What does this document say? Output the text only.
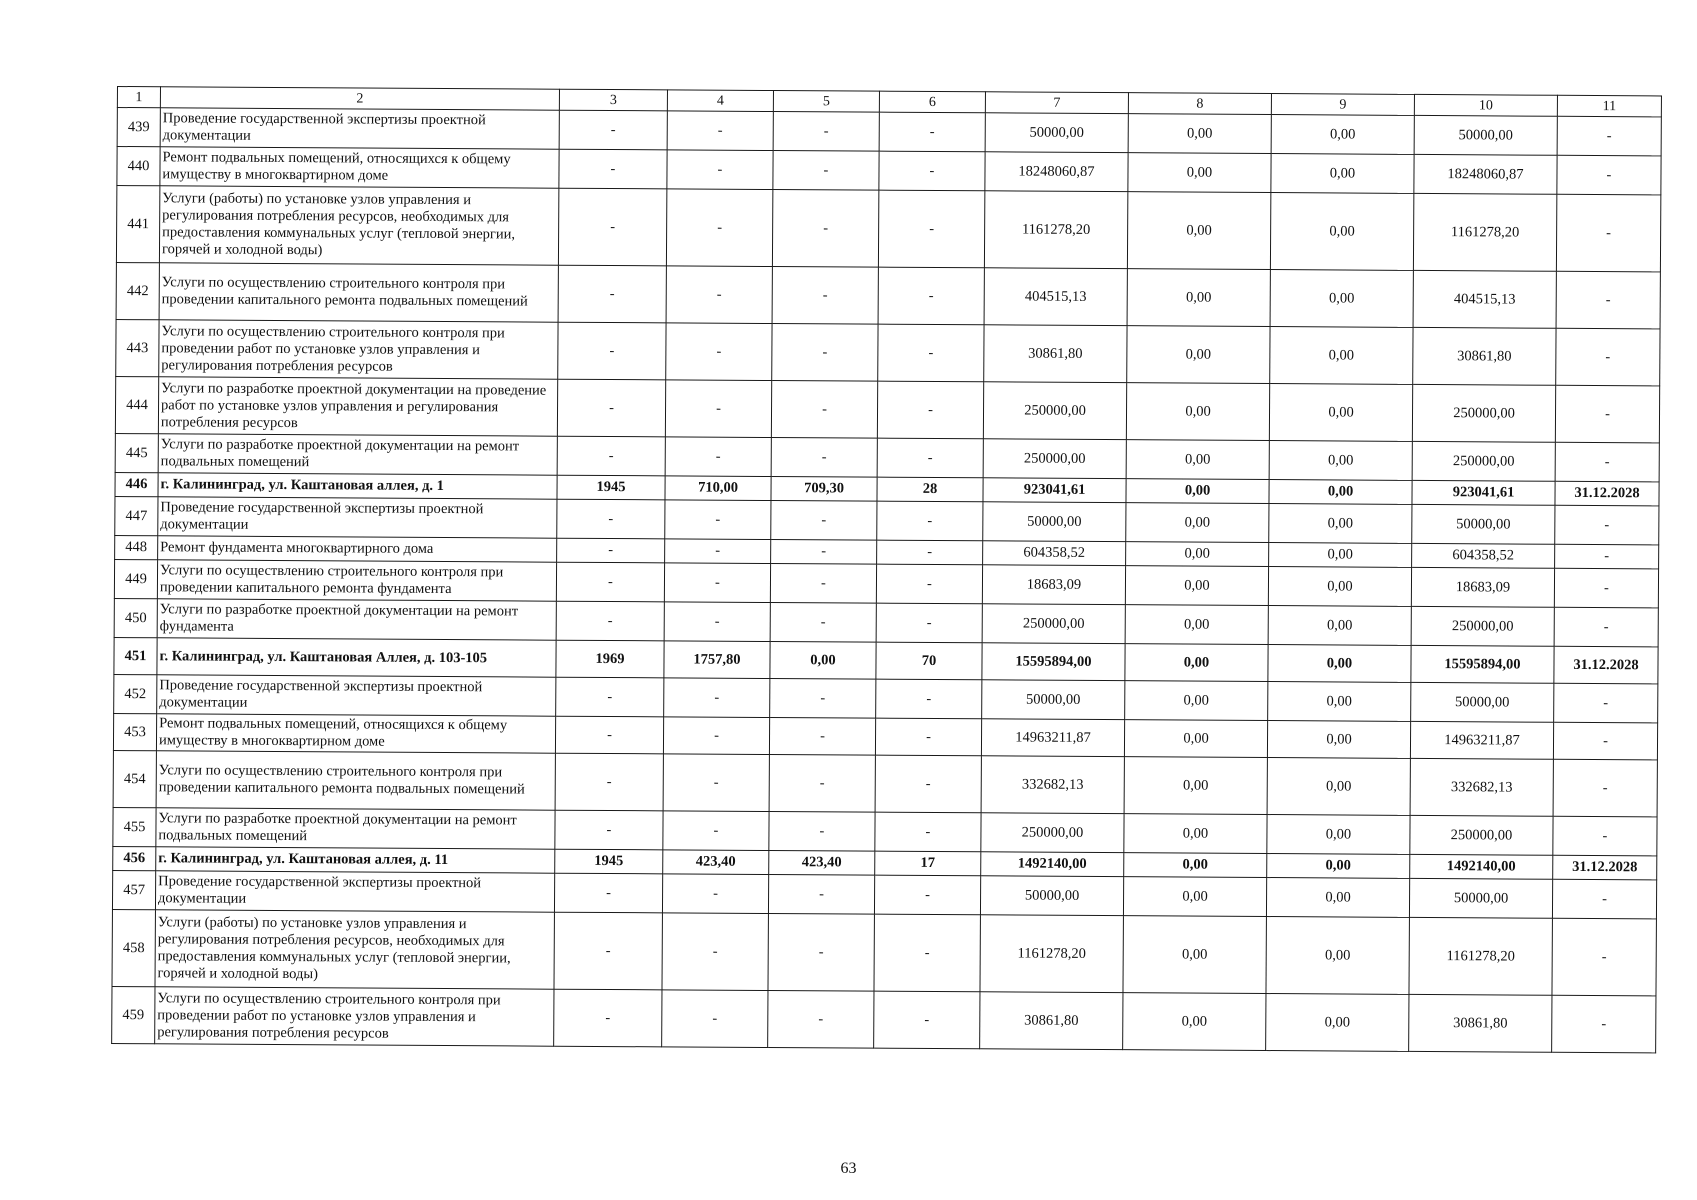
1	2	3	4	5	6	7	8	9	10	11
439	Проведение государственной экспертизы проектной документации	-	-	-	-	50000,00	0,00	0,00	50000,00	-
440	Ремонт подвальных помещений, относящихся к общему имуществу в многоквартирном доме	-	-	-	-	18248060,87	0,00	0,00	18248060,87	-
441	Услуги (работы) по установке узлов управления и регулирования потребления ресурсов, необходимых для предоставления коммунальных услуг (тепловой энергии, горячей и холодной воды)	-	-	-	-	1161278,20	0,00	0,00	1161278,20	-
442	Услуги по осуществлению строительного контроля при проведении капитального ремонта подвальных помещений	-	-	-	-	404515,13	0,00	0,00	404515,13	-
443	Услуги по осуществлению строительного контроля при проведении работ по установке узлов управления и регулирования потребления ресурсов	-	-	-	-	30861,80	0,00	0,00	30861,80	-
444	Услуги по разработке проектной документации на проведение работ по установке узлов управления и регулирования потребления ресурсов	-	-	-	-	250000,00	0,00	0,00	250000,00	-
445	Услуги по разработке проектной документации на ремонт подвальных помещений	-	-	-	-	250000,00	0,00	0,00	250000,00	-
446	г. Калининград, ул. Каштановая аллея, д. 1	1945	710,00	709,30	28	923041,61	0,00	0,00	923041,61	31.12.2028
447	Проведение государственной экспертизы проектной документации	-	-	-	-	50000,00	0,00	0,00	50000,00	-
448	Ремонт фундамента многоквартирного дома	-	-	-	-	604358,52	0,00	0,00	604358,52	-
449	Услуги по осуществлению строительного контроля при проведении капитального ремонта фундамента	-	-	-	-	18683,09	0,00	0,00	18683,09	-
450	Услуги по разработке проектной документации на ремонт фундамента	-	-	-	-	250000,00	0,00	0,00	250000,00	-
451	г. Калининград, ул. Каштановая Аллея, д. 103-105	1969	1757,80	0,00	70	15595894,00	0,00	0,00	15595894,00	31.12.2028
452	Проведение государственной экспертизы проектной документации	-	-	-	-	50000,00	0,00	0,00	50000,00	-
453	Ремонт подвальных помещений, относящихся к общему имуществу в многоквартирном доме	-	-	-	-	14963211,87	0,00	0,00	14963211,87	-
454	Услуги по осуществлению строительного контроля при проведении капитального ремонта подвальных помещений	-	-	-	-	332682,13	0,00	0,00	332682,13	-
455	Услуги по разработке проектной документации на ремонт подвальных помещений	-	-	-	-	250000,00	0,00	0,00	250000,00	-
456	г. Калининград, ул. Каштановая аллея, д. 11	1945	423,40	423,40	17	1492140,00	0,00	0,00	1492140,00	31.12.2028
457	Проведение государственной экспертизы проектной документации	-	-	-	-	50000,00	0,00	0,00	50000,00	-
458	Услуги (работы) по установке узлов управления и регулирования потребления ресурсов, необходимых для предоставления коммунальных услуг (тепловой энергии, горячей и холодной воды)	-	-	-	-	1161278,20	0,00	0,00	1161278,20	-
459	Услуги по осуществлению строительного контроля при проведении работ по установке узлов управления и регулирования потребления ресурсов	-	-	-	-	30861,80	0,00	0,00	30861,80	-
63
